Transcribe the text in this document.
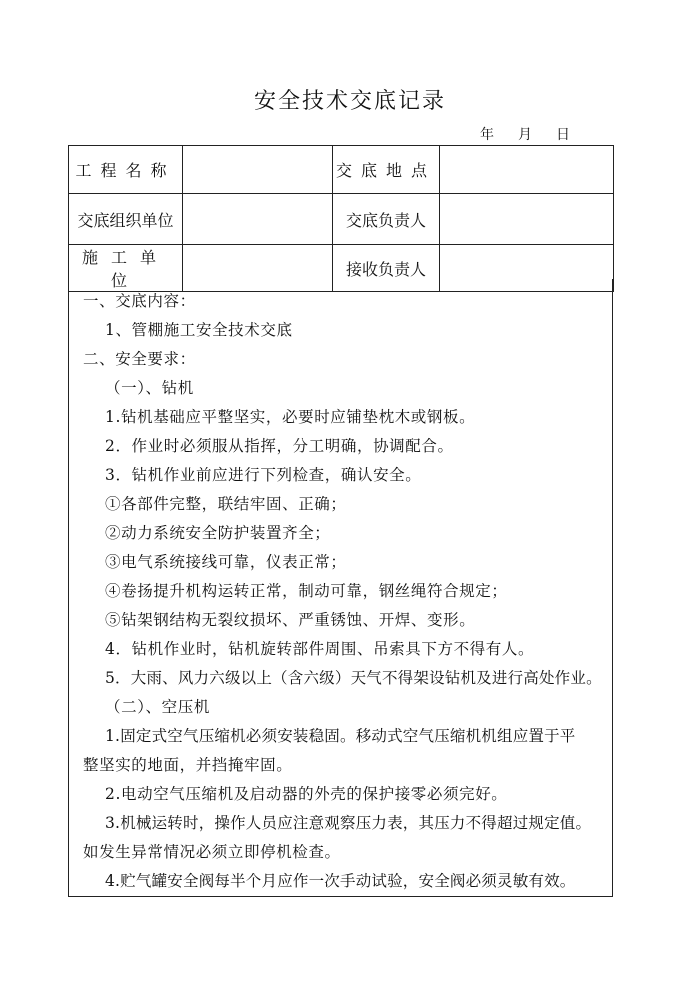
安全技术交底记录
年 月 日
工程名称		交底地点	
交底组织单位		交底负责人	
施工单位		接收负责人	
一、交底内容：
1、管棚施工安全技术交底
二、安全要求：
（一）、钻机
1.钻机基础应平整坚实，必要时应铺垫枕木或钢板。
2．作业时必须服从指挥，分工明确，协调配合。
3．钻机作业前应进行下列检查，确认安全。
①各部件完整，联结牢固、正确；
②动力系统安全防护装置齐全；
③电气系统接线可靠，仪表正常；
④卷扬提升机构运转正常，制动可靠，钢丝绳符合规定；
⑤钻架钢结构无裂纹损坏、严重锈蚀、开焊、变形。
4．钻机作业时，钻机旋转部件周围、吊索具下方不得有人。
5．大雨、风力六级以上（含六级）天气不得架设钻机及进行高处作业。
（二）、空压机
1.固定式空气压缩机必须安装稳固。移动式空气压缩机机组应置于平
整坚实的地面，并挡掩牢固。
2.电动空气压缩机及启动器的外壳的保护接零必须完好。
3.机械运转时，操作人员应注意观察压力表，其压力不得超过规定值。
如发生异常情况必须立即停机检查。
4.贮气罐安全阀每半个月应作一次手动试验，安全阀必须灵敏有效。
